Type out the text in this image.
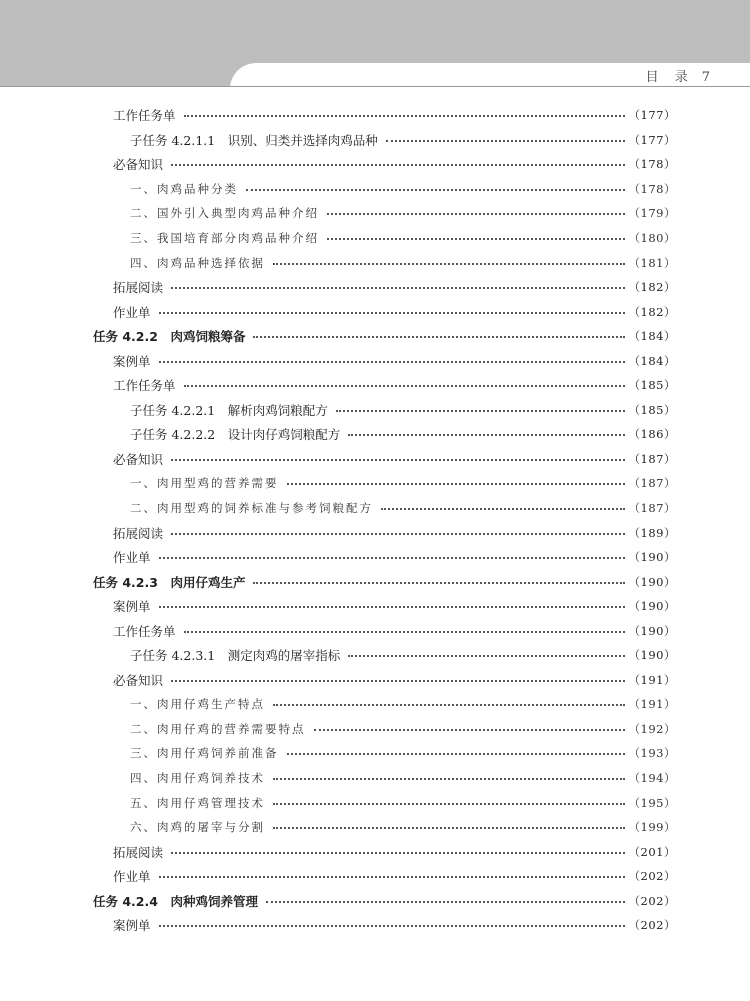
目 录 7
工作任务单	（177）
子任务 4.2.1.1　识别、归类并选择肉鸡品种	（177）
必备知识	（178）
一、肉鸡品种分类	（178）
二、国外引入典型肉鸡品种介绍	（179）
三、我国培育部分肉鸡品种介绍	（180）
四、肉鸡品种选择依据	（181）
拓展阅读	（182）
作业单	（182）
任务 4.2.2　肉鸡饲粮筹备	（184）
案例单	（184）
工作任务单	（185）
子任务 4.2.2.1　解析肉鸡饲粮配方	（185）
子任务 4.2.2.2　设计肉仔鸡饲粮配方	（186）
必备知识	（187）
一、肉用型鸡的营养需要	（187）
二、肉用型鸡的饲养标准与参考饲粮配方	（187）
拓展阅读	（189）
作业单	（190）
任务 4.2.3　肉用仔鸡生产	（190）
案例单	（190）
工作任务单	（190）
子任务 4.2.3.1　测定肉鸡的屠宰指标	（190）
必备知识	（191）
一、肉用仔鸡生产特点	（191）
二、肉用仔鸡的营养需要特点	（192）
三、肉用仔鸡饲养前准备	（193）
四、肉用仔鸡饲养技术	（194）
五、肉用仔鸡管理技术	（195）
六、肉鸡的屠宰与分割	（199）
拓展阅读	（201）
作业单	（202）
任务 4.2.4　肉种鸡饲养管理	（202）
案例单	（202）
